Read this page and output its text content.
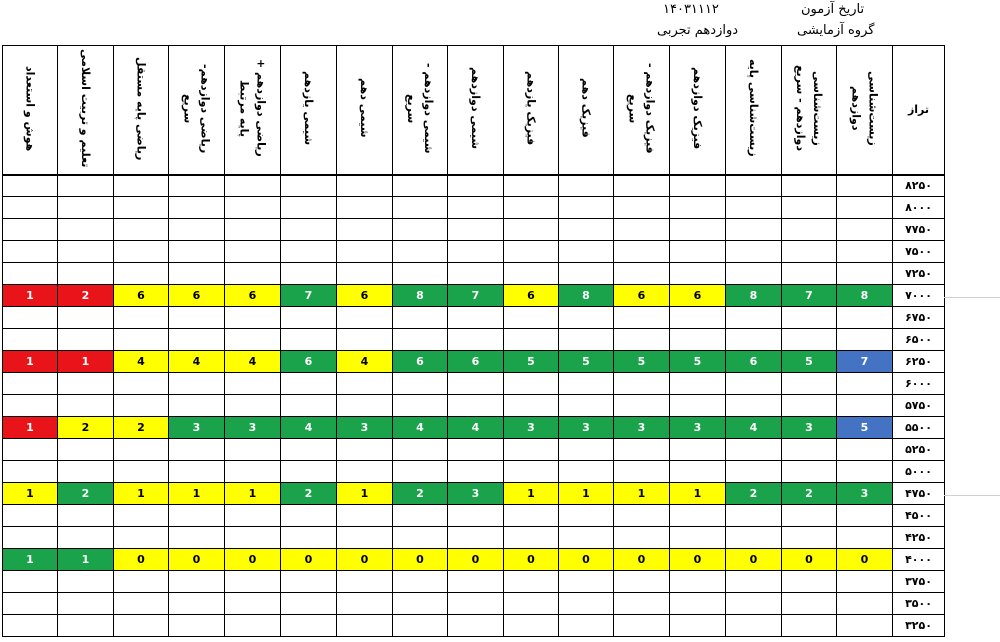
تاریخ آزمون
۱۴۰۳۱۱۱۲
گروه آزمایشی
دوازدهم تجربی
هوش و استعداد	تعلیم و تربیت اسلامی	ریاضی پایه مستقل	ریاضی دوازدهم- سریع	ریاضی دوازدهم + پایه مرتبط	شیمی یازدهم	شیمی دهم	شیمی دوازدهم - سریع	شیمی دوازدهم	فیزیک یازدهم	فیزیک دهم	فیزیک دوازدهم - سریع	فیزیک دوازدهم	زیست‌شناسی پایه	زیست‌شناسی دوازدهم - سریع	زیست‌شناسی دوازدهم	تراز
																۸۲۵۰
																۸۰۰۰
																۷۷۵۰
																۷۵۰۰
																۷۲۵۰
1	2	6	6	6	7	6	8	7	6	8	6	6	8	7	8	۷۰۰۰
																۶۷۵۰
																۶۵۰۰
1	1	4	4	4	6	4	6	6	5	5	5	5	6	5	7	۶۲۵۰
																۶۰۰۰
																۵۷۵۰
1	2	2	3	3	4	3	4	4	3	3	3	3	4	3	5	۵۵۰۰
																۵۲۵۰
																۵۰۰۰
1	2	1	1	1	2	1	2	3	1	1	1	1	2	2	3	۴۷۵۰
																۴۵۰۰
																۴۲۵۰
1	1	0	0	0	0	0	0	0	0	0	0	0	0	0	0	۴۰۰۰
																۳۷۵۰
																۳۵۰۰
																۳۲۵۰
